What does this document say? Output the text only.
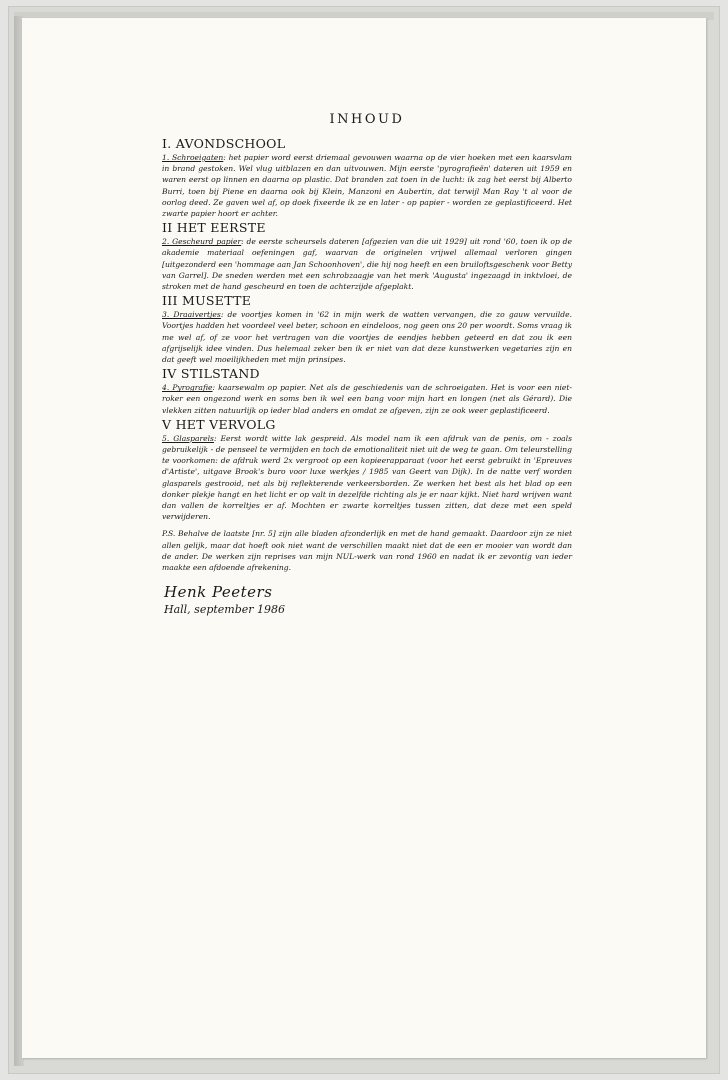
INHOUD
I. AVONDSCHOOL

1. Schroeigaten: het papier word eerst driemaal gevouwen waarna op de vier hoeken met een kaarsvlam in brand gestoken. Wel vlug uitblazen en dan uitvouwen. Mijn eerste 'pyrografieën' dateren uit 1959 en waren eerst op linnen en daarna op plastic. Dat branden zat toen in de lucht: ik zag het eerst bij Alberto Burri, toen bij Piene en daarna ook bij Klein, Manzoni en Aubertin, dat terwijl Man Ray 't al voor de oorlog deed. Ze gaven wel af, op doek fixeerde ik ze en later - op papier - worden ze geplastificeerd. Het zwarte papier hoort er achter.

II HET EERSTE

2. Gescheurd papier: de eerste scheursels dateren [afgezien van die uit 1929] uit rond '60, toen ik op de akademie materiaal oefeningen gaf, waarvan de originelen vrijwel allemaal verloren gingen [uitgezonderd een 'hommage aan Jan Schoonhoven', die hij nog heeft en een bruiloftsgeschenk voor Betty van Garrel]. De sneden werden met een schrobzaagje van het merk 'Augusta' ingezaagd in inktvloei, de stroken met de hand gescheurd en toen de achterzijde afgeplakt.

III MUSETTE

3. Draaivertjes: de voortjes komen in '62 in mijn werk de watten vervangen, die zo gauw vervuilde. Voortjes hadden het voordeel veel beter, schoon en eindeloos, nog geen ons 20 per woordt. Soms vraag ik me wel af, of ze voor het vertragen van die voortjes de eendjes hebben geteerd en dat zou ik een afgrijselijk idee vinden. Dus helemaal zeker ben ik er niet van dat deze kunstwerken vegetaries zijn en dat geeft wel moeilijkheden met mijn prinsipes.

IV STILSTAND

4. Pyrografie: kaarsewalm op papier. Net als de geschiedenis van de schroeigaten. Het is voor een niet-roker een ongezond werk en soms ben ik wel een bang voor mijn hart en longen (net als Gérard). Die vlekken zitten natuurlijk op ieder blad anders en omdat ze afgeven, zijn ze ook weer geplastificeerd.

V HET VERVOLG

5. Glasparels: Eerst wordt witte lak gespreid. Als model nam ik een afdruk van de penis, om - zoals gebruikelijk - de penseel te vermijden en toch de emotionaliteit niet uit de weg te gaan. Om teleurstelling te voorkomen: de afdruk werd 2x vergroot op een kopieerapparaat (voor het eerst gebruikt in 'Epreuves d'Artiste', uitgave Brook's buro voor luxe werkjes / 1985 van Geert van Dijk). In de natte verf worden glasparels gestrooid, net als bij reflekterende verkeersborden. Ze werken het best als het blad op een donker plekje hangt en het licht er op valt in dezelfde richting als je er naar kijkt. Niet hard wrijven want dan vallen de korreltjes er af. Mochten er zwarte korreltjes tussen zitten, dat deze met een speld verwijderen.

P.S. Behalve de laatste [nr. 5] zijn alle bladen afzonderlijk en met de hand gemaakt. Daardoor zijn ze niet allen gelijk, maar dat hoeft ook niet want de verschillen maakt niet dat de een er mooier van wordt dan de ander. De werken zijn reprises van mijn NUL-werk van rond 1960 en nadat ik er zevontig van ieder maakte een afdoende afrekening.

Henk Peeters
Hall, september 1986
